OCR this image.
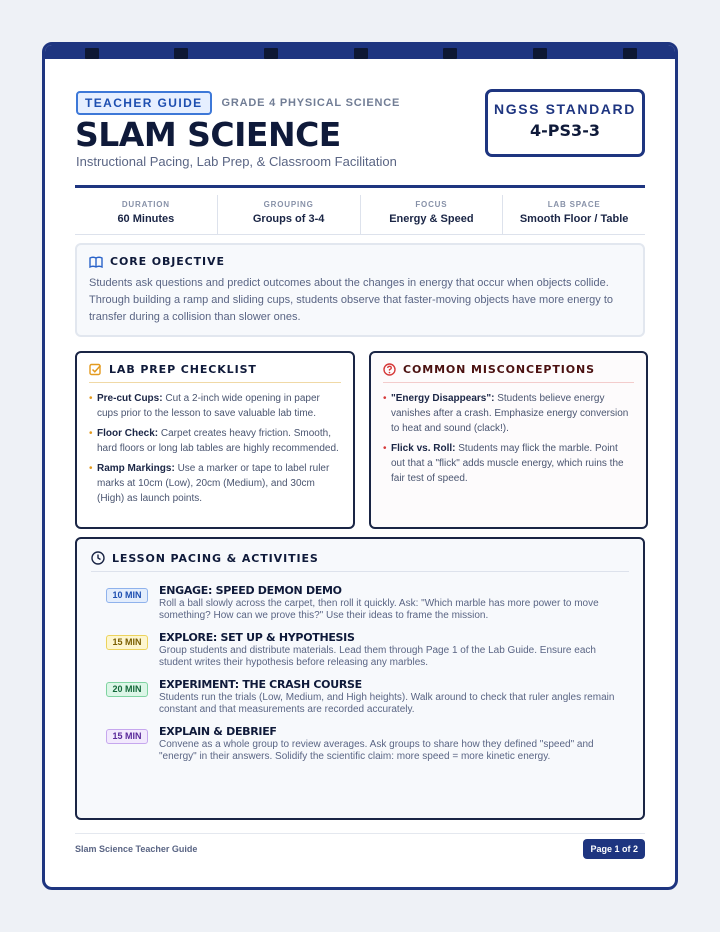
TEACHER GUIDE	GRADE 4 PHYSICAL SCIENCE
SLAM SCIENCE
Instructional Pacing, Lab Prep, & Classroom Facilitation
NGSS STANDARD
4-PS3-3
DURATION
60 Minutes
GROUPING
Groups of 3-4
FOCUS
Energy & Speed
LAB SPACE
Smooth Floor / Table
CORE OBJECTIVE

Students ask questions and predict outcomes about the changes in energy that occur when objects collide. Through building a ramp and sliding cups, students observe that faster-moving objects have more energy to transfer during a collision than slower ones.

LAB PREP CHECKLIST
• Pre-cut Cups: Cut a 2-inch wide opening in paper cups prior to the lesson to save valuable lab time.
• Floor Check: Carpet creates heavy friction. Smooth, hard floors or long lab tables are highly recommended.
• Ramp Markings: Use a marker or tape to label ruler marks at 10cm (Low), 20cm (Medium), and 30cm (High) as launch points.
COMMON MISCONCEPTIONS
• "Energy Disappears": Students believe energy vanishes after a crash. Emphasize energy conversion to heat and sound (clack!).
• Flick vs. Roll: Students may flick the marble. Point out that a "flick" adds muscle energy, which ruins the fair test of speed.
LESSON PACING & ACTIVITIES
10 MIN	ENGAGE: SPEED DEMON DEMO
Roll a ball slowly across the carpet, then roll it quickly. Ask: "Which marble has more power to move something? How can we prove this?" Use their ideas to frame the mission.
15 MIN	EXPLORE: SET UP & HYPOTHESIS
Group students and distribute materials. Lead them through Page 1 of the Lab Guide. Ensure each student writes their hypothesis before releasing any marbles.
20 MIN	EXPERIMENT: THE CRASH COURSE
Students run the trials (Low, Medium, and High heights). Walk around to check that ruler angles remain constant and that measurements are recorded accurately.
15 MIN	EXPLAIN & DEBRIEF
Convene as a whole group to review averages. Ask groups to share how they defined "speed" and "energy" in their answers. Solidify the scientific claim: more speed = more kinetic energy.
Slam Science Teacher Guide	Page 1 of 2
